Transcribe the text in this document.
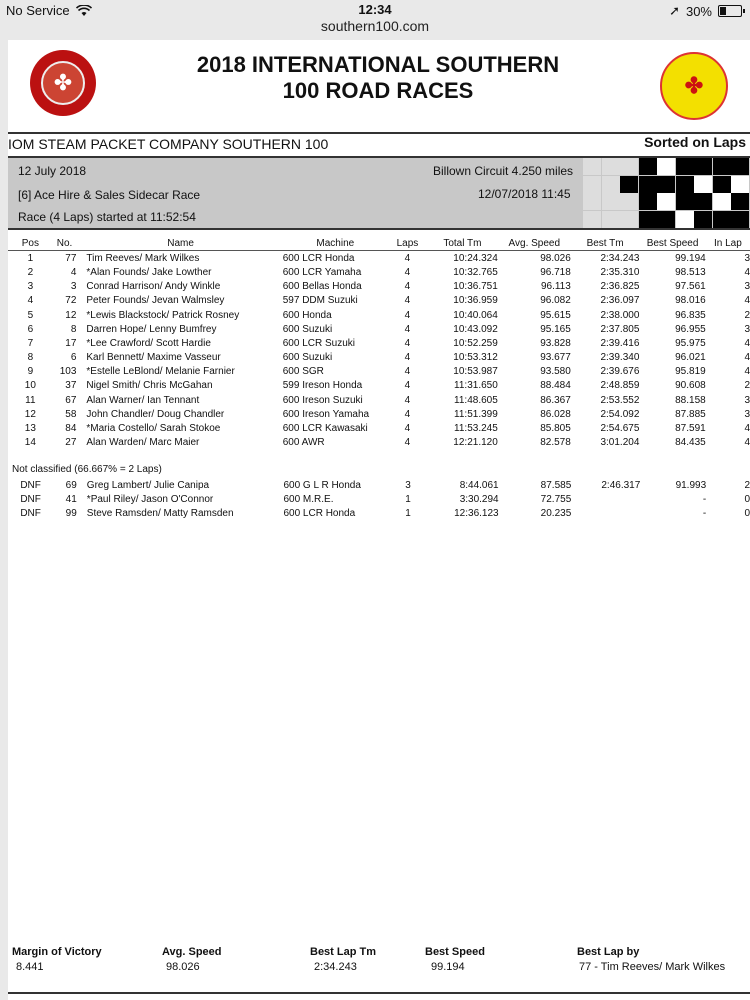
No Service	12:34	➚ 30%
southern100.com
✤	✤
2018 INTERNATIONAL SOUTHERN
100 ROAD RACES
IOM STEAM PACKET COMPANY SOUTHERN 100	Sorted on Laps
12 July 2018	Billown Circuit 4.250 miles
[6] Ace Hire & Sales Sidecar Race	12/07/2018 11:45
Race (4 Laps) started at 11:52:54
Pos	No.	Name	Machine	Laps	Total Tm	Avg. Speed	Best Tm	Best Speed	In Lap
1	77	Tim Reeves/ Mark Wilkes	600 LCR Honda	4	10:24.324	98.026	2:34.243	99.194	3
2	4	*Alan Founds/ Jake Lowther	600 LCR Yamaha	4	10:32.765	96.718	2:35.310	98.513	4
3	3	Conrad Harrison/ Andy Winkle	600 Bellas Honda	4	10:36.751	96.113	2:36.825	97.561	3
4	72	Peter Founds/ Jevan Walmsley	597 DDM Suzuki	4	10:36.959	96.082	2:36.097	98.016	4
5	12	*Lewis Blackstock/ Patrick Rosney	600 Honda	4	10:40.064	95.615	2:38.000	96.835	2
6	8	Darren Hope/ Lenny Bumfrey	600 Suzuki	4	10:43.092	95.165	2:37.805	96.955	3
7	17	*Lee Crawford/ Scott Hardie	600 LCR Suzuki	4	10:52.259	93.828	2:39.416	95.975	4
8	6	Karl Bennett/ Maxime Vasseur	600 Suzuki	4	10:53.312	93.677	2:39.340	96.021	4
9	103	*Estelle LeBlond/ Melanie Farnier	600 SGR	4	10:53.987	93.580	2:39.676	95.819	4
10	37	Nigel Smith/ Chris McGahan	599 Ireson Honda	4	11:31.650	88.484	2:48.859	90.608	2
11	67	Alan Warner/ Ian Tennant	600 Ireson Suzuki	4	11:48.605	86.367	2:53.552	88.158	3
12	58	John Chandler/ Doug Chandler	600 Ireson Yamaha	4	11:51.399	86.028	2:54.092	87.885	3
13	84	*Maria Costello/ Sarah Stokoe	600 LCR Kawasaki	4	11:53.245	85.805	2:54.675	87.591	4
14	27	Alan Warden/ Marc Maier	600 AWR	4	12:21.120	82.578	3:01.204	84.435	4
Not classified (66.667% = 2 Laps)
DNF	69	Greg Lambert/ Julie Canipa	600 G L R Honda	3	8:44.061	87.585	2:46.317	91.993	2
DNF	41	*Paul Riley/ Jason O'Connor	600 M.R.E.	1	3:30.294	72.755		-	0
DNF	99	Steve Ramsden/ Matty Ramsden	600 LCR Honda	1	12:36.123	20.235		-	0
Margin of Victory	Avg. Speed	Best Lap Tm	Best Speed	Best Lap by
8.441	98.026	2:34.243	99.194	77 - Tim Reeves/ Mark Wilkes
